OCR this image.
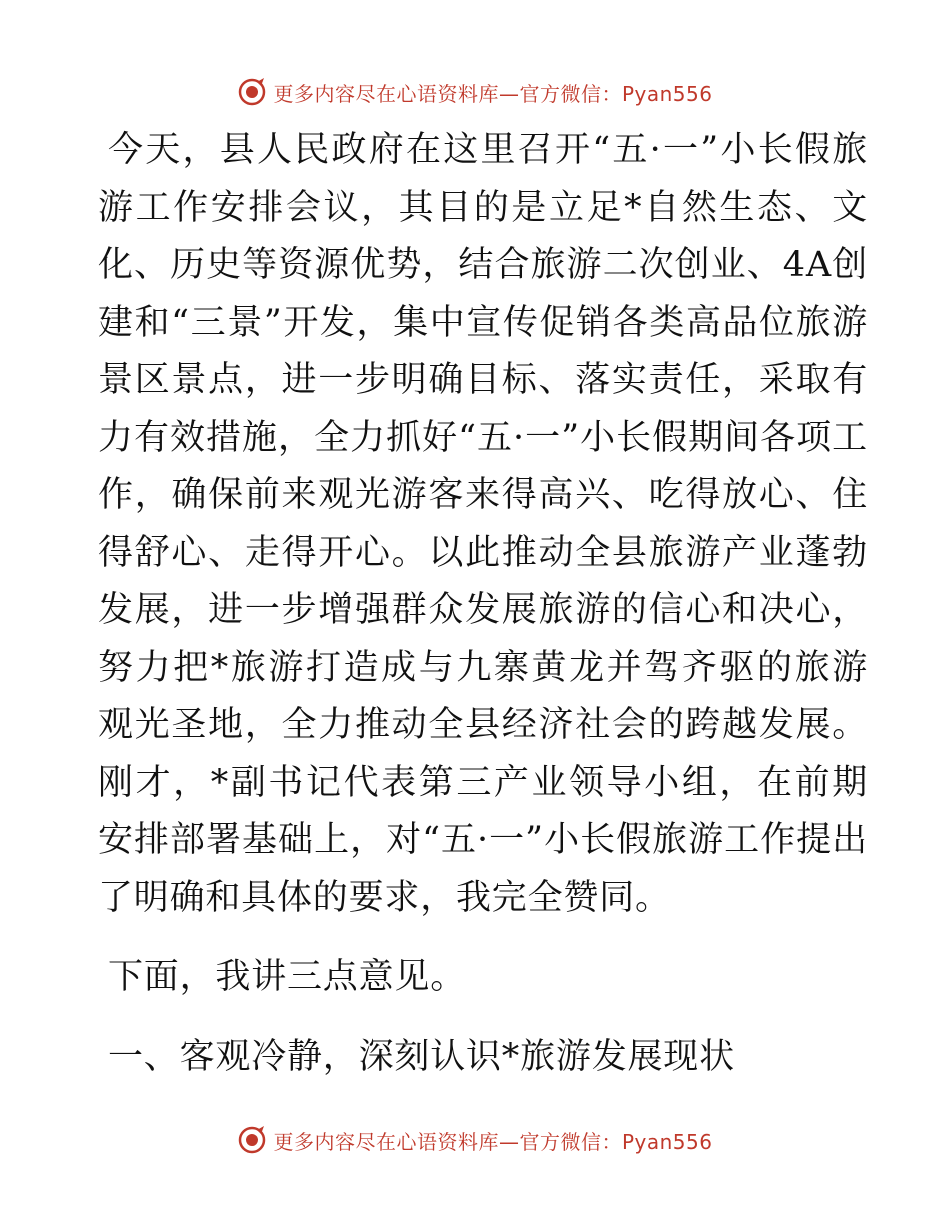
更多内容尽在心语资料库—官方微信：Pyan556

今天，县人民政府在这里召开“五·一”小长假旅游工作安排会议，其目的是立足*自然生态、文化、历史等资源优势，结合旅游二次创业、4A创建和“三景”开发，集中宣传促销各类高品位旅游景区景点，进一步明确目标、落实责任，采取有力有效措施，全力抓好“五·一”小长假期间各项工作，确保前来观光游客来得高兴、吃得放心、住得舒心、走得开心。以此推动全县旅游产业蓬勃发展，进一步增强群众发展旅游的信心和决心，努力把*旅游打造成与九寨黄龙并驾齐驱的旅游观光圣地，全力推动全县经济社会的跨越发展。刚才，*副书记代表第三产业领导小组，在前期安排部署基础上，对“五·一”小长假旅游工作提出了明确和具体的要求，我完全赞同。

下面，我讲三点意见。

一、客观冷静，深刻认识*旅游发展现状

更多内容尽在心语资料库—官方微信：Pyan556
